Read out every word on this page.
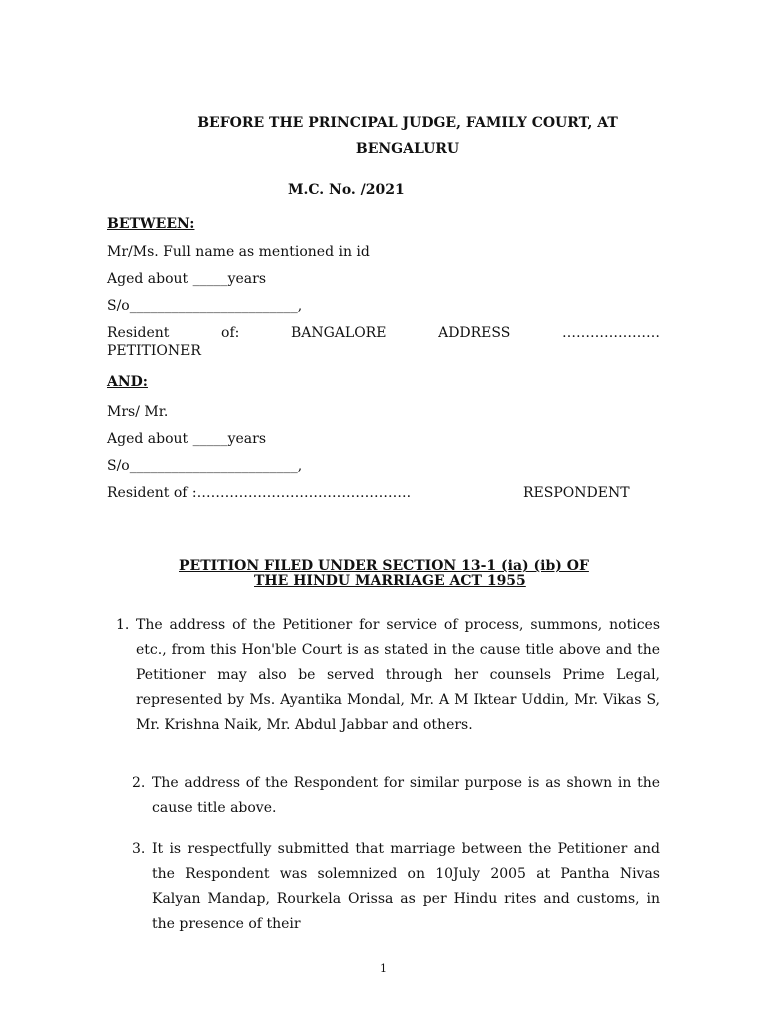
BEFORE THE PRINCIPAL JUDGE, FAMILY COURT, AT
BENGALURU
M.C. No. /2021
BETWEEN:
Mr/Ms. Full name as mentioned in id
Aged about _____years
S/o________________________,
Resident	of:	BANGALORE	ADDRESS	…………………
PETITIONER
AND:
Mrs/ Mr.
Aged about _____years
S/o________________________,
Resident of :……………………………………….	RESPONDENT
PETITION FILED UNDER SECTION 13-1 (ia) (ib) OF
THE HINDU MARRIAGE ACT 1955
1. The address of the Petitioner for service of process, summons, notices etc., from this Hon'ble Court is as stated in the cause title above and the Petitioner may also be served through her counsels Prime Legal, represented by Ms. Ayantika Mondal, Mr. A M Iktear Uddin, Mr. Vikas S, Mr. Krishna Naik, Mr. Abdul Jabbar and others.
2. The address of the Respondent for similar purpose is as shown in the cause title above.
3. It is respectfully submitted that marriage between the Petitioner and the Respondent was solemnized on 10July 2005 at Pantha Nivas Kalyan Mandap, Rourkela Orissa as per Hindu rites and customs, in the presence of their
1
